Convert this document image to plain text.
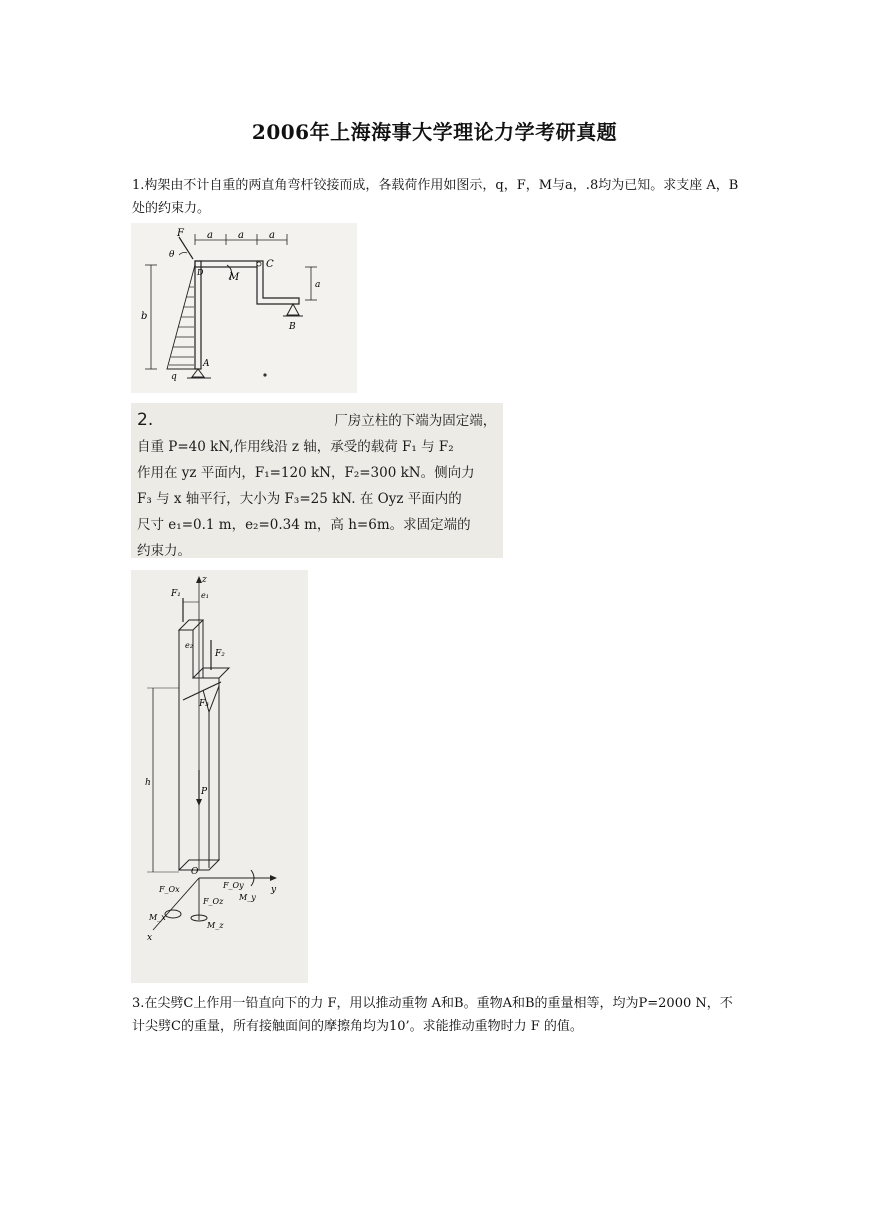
2006年上海海事大学理论力学考研真题
1.构架由不计自重的两直角弯杆铰接而成，各载荷作用如图示，q，F，M与a，.8均为已知。求支座 A，B处的约束力。
a	a	a
F
θ
C
D	M
a
B
b
A
q
2.	厂房立柱的下端为固定端，
自重 P=40 kN,作用线沿 z 轴，承受的载荷 F₁ 与 F₂
作用在 yz 平面内，F₁=120 kN，F₂=300 kN。侧向力
F₃ 与 x 轴平行，大小为 F₃=25 kN. 在 Oyz 平面内的
尺寸 e₁=0.1 m，e₂=0.34 m，高 h=6m。求固定端的
约束力。
z
F₁	e₁
e₂
F₂
F₃
h
P
O
y
x
F_Ox	F_Oy
F_Oz M_y
M_x
M_z
3.在尖劈C上作用一铅直向下的力 F，用以推动重物 A和B。重物A和B的重量相等，均为P=2000 N，不计尖劈C的重量，所有接触面间的摩擦角均为10’。求能推动重物时力 F 的值。
